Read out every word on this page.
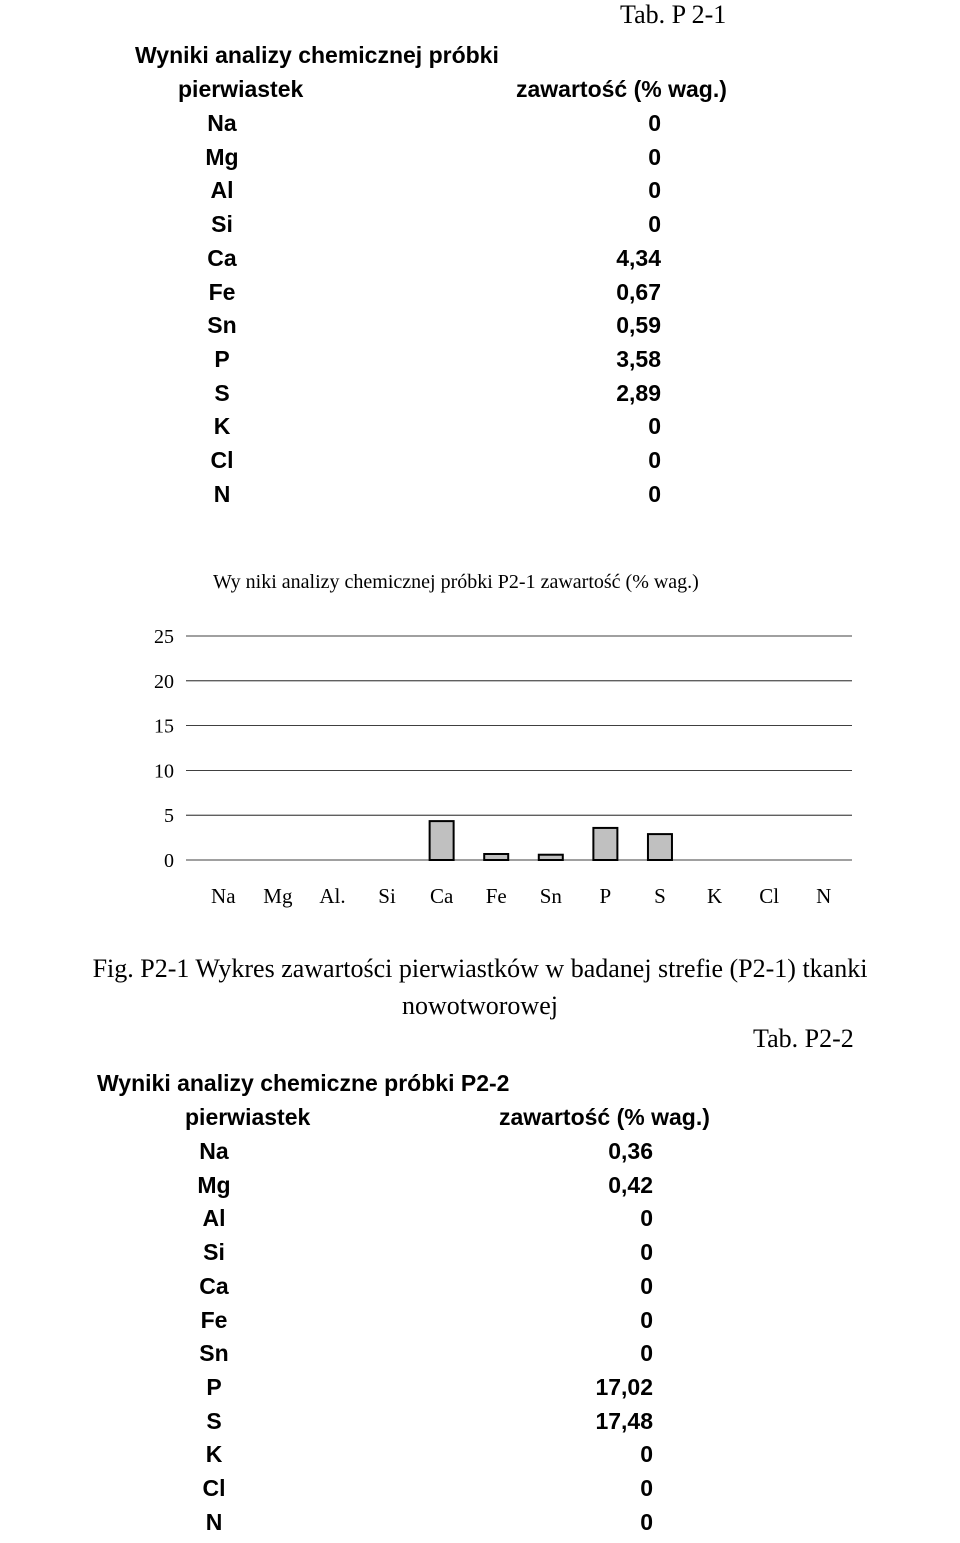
Tab. P 2-1
Wyniki analizy chemicznej próbki
pierwiastek	zawartość (% wag.)
Na	0
Mg	0
Al	0
Si	0
Ca	4,34
Fe	0,67
Sn	0,59
P	3,58
S	2,89
K	0
Cl	0
N	0
Wy niki analizy chemicznej próbki P2-1 zawartość (% wag.)
0
5
10
15
20
25
Na Mg Al. Si Ca Fe Sn P S K Cl N
Fig. P2-1 Wykres zawartości pierwiastków w badanej strefie (P2-1) tkanki
nowotworowej
Tab. P2-2
Wyniki analizy chemiczne próbki P2-2
pierwiastek	zawartość (% wag.)
Na	0,36
Mg	0,42
Al	0
Si	0
Ca	0
Fe	0
Sn	0
P	17,02
S	17,48
K	0
Cl	0
N	0
